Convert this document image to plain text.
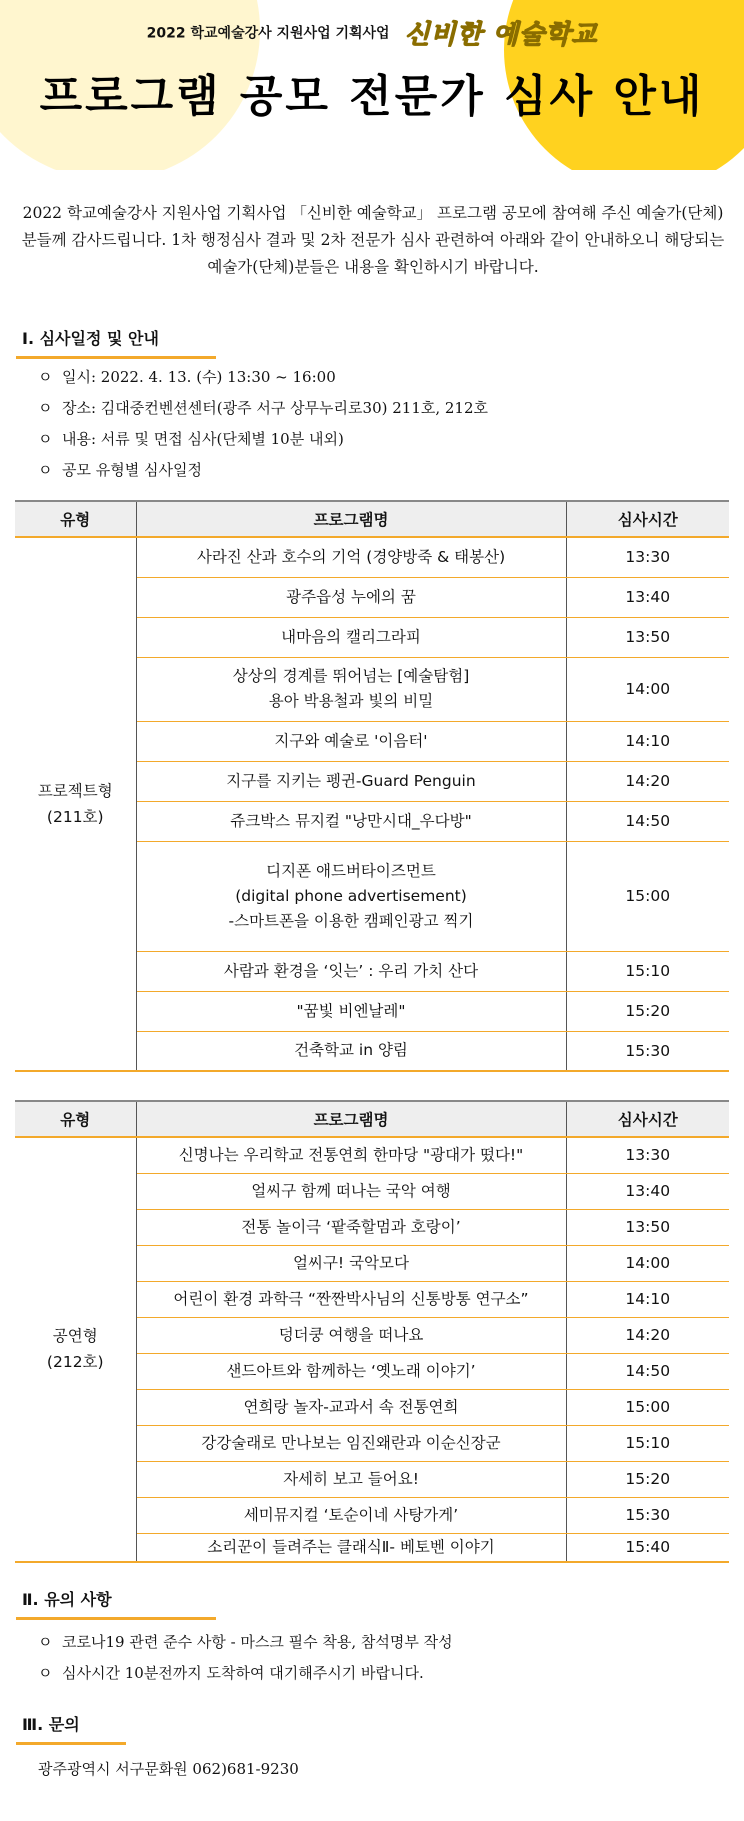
2022 학교예술강사 지원사업 기획사업 신비한 예술학교
프로그램 공모 전문가 심사 안내
2022 학교예술강사 지원사업 기획사업 「신비한 예술학교」 프로그램 공모에 참여해 주신 예술가(단체) 분들께 감사드립니다. 1차 행정심사 결과 및 2차 전문가 심사 관련하여 아래와 같이 안내하오니 해당되는 예술가(단체)분들은 내용을 확인하시기 바랍니다.
Ⅰ. 심사일정 및 안내
ㅇ 일시: 2022. 4. 13. (수) 13:30 ~ 16:00
ㅇ 장소: 김대중컨벤션센터(광주 서구 상무누리로30) 211호, 212호
ㅇ 내용: 서류 및 면접 심사(단체별 10분 내외)
ㅇ 공모 유형별 심사일정
유형	프로그램명	심사시간

프로젝트형
(211호)	사라진 산과 호수의 기억 (경양방죽 & 태봉산)	13:30
	광주읍성 누에의 꿈	13:40
	내마음의 캘리그라피	13:50
	상상의 경계를 뛰어넘는 [예술탐험]
용아 박용철과 빛의 비밀	14:00
	지구와 예술로 '이음터'	14:10
	지구를 지키는 펭귄-Guard Penguin	14:20
	쥬크박스 뮤지컬 "낭만시대_우다방"	14:50
	디지폰 애드버타이즈먼트
(digital phone advertisement)
-스마트폰을 이용한 캠페인광고 찍기	15:00
	사람과 환경을 ‘잇는’ : 우리 가치 산다	15:10
	"꿈빛 비엔날레"	15:20
	건축학교 in 양림	15:30
유형	프로그램명	심사시간

공연형
(212호)	신명나는 우리학교 전통연희 한마당 "광대가 떴다!"	13:30
	얼씨구 함께 떠나는 국악 여행	13:40
	전통 놀이극 ‘팥죽할멈과 호랑이’	13:50
	얼씨구! 국악모다	14:00
	어린이 환경 과학극 “짠짠박사님의 신통방통 연구소”	14:10
	덩더쿵 여행을 떠나요	14:20
	샌드아트와 함께하는 ‘옛노래 이야기’	14:50
	연희랑 놀자-교과서 속 전통연희	15:00
	강강술래로 만나보는 임진왜란과 이순신장군	15:10
	자세히 보고 들어요!	15:20
	세미뮤지컬 ‘토순이네 사탕가게’	15:30
	소리꾼이 들려주는 클래식Ⅱ- 베토벤 이야기	15:40
Ⅱ. 유의 사항
ㅇ 코로나19 관련 준수 사항 - 마스크 필수 착용, 참석명부 작성
ㅇ 심사시간 10분전까지 도착하여 대기해주시기 바랍니다.
Ⅲ. 문의
광주광역시 서구문화원 062)681-9230
